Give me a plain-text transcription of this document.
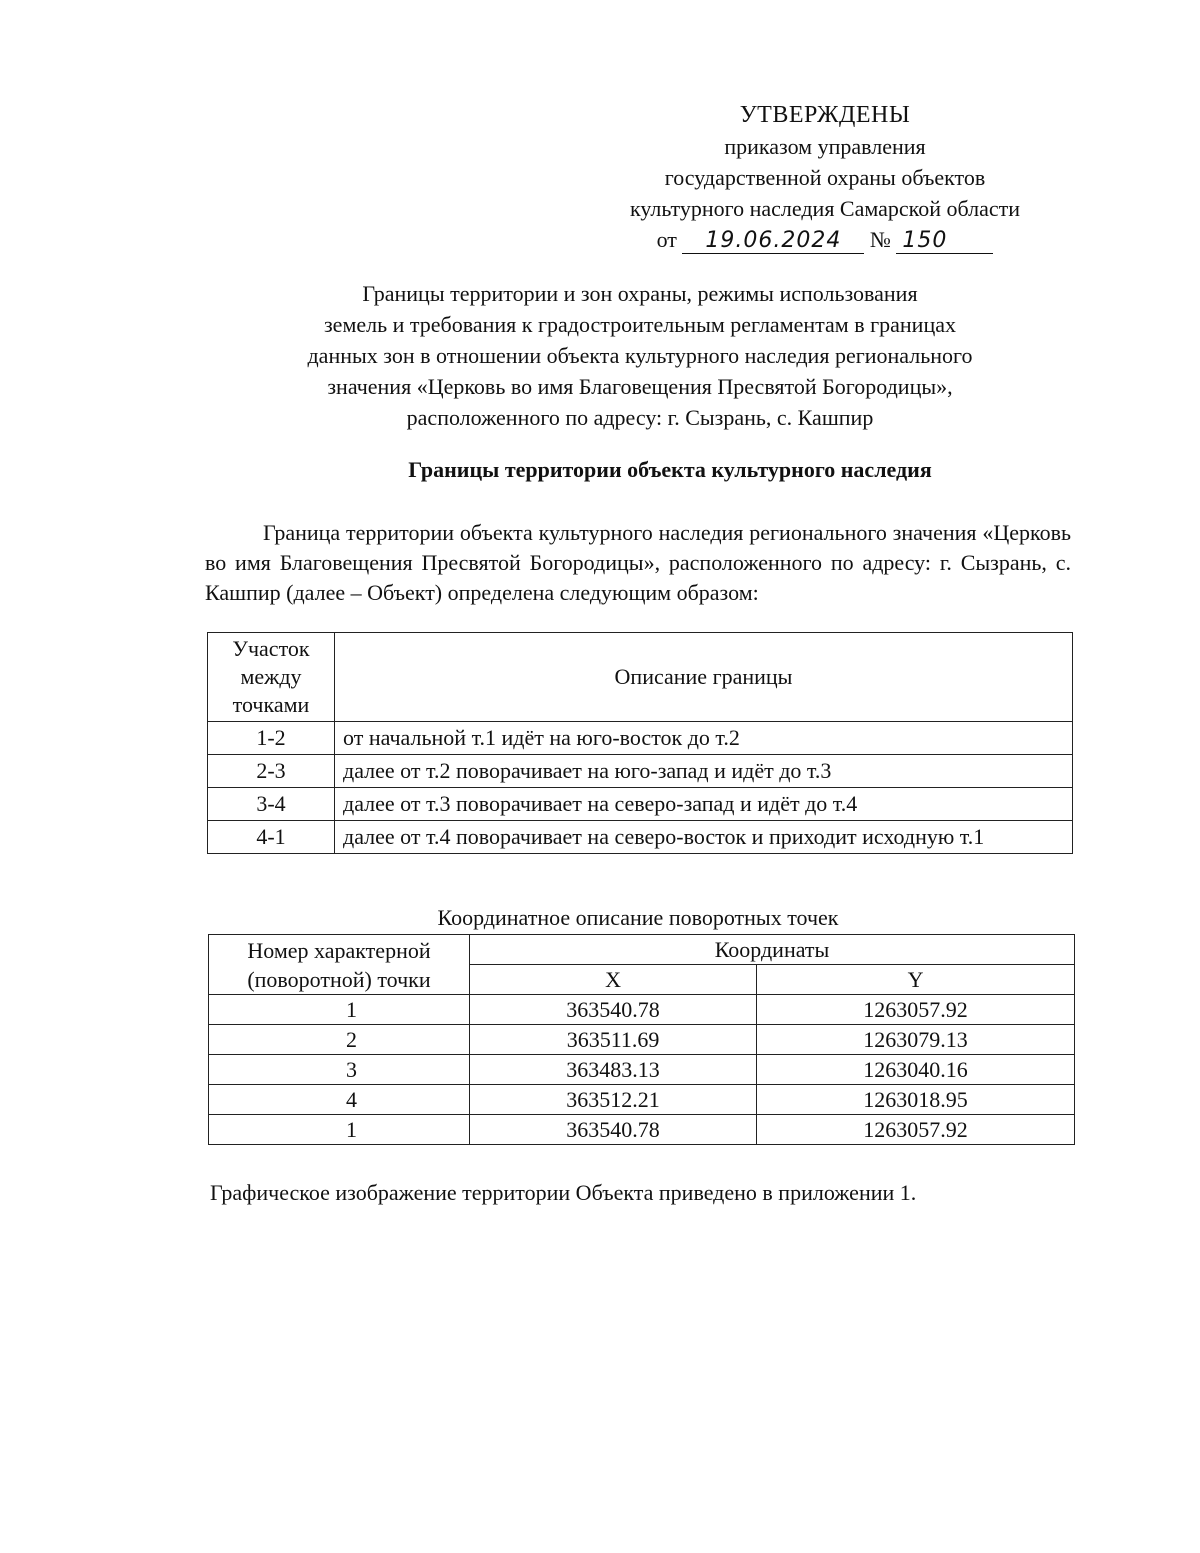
УТВЕРЖДЕНЫ
приказом управления
государственной охраны объектов
культурного наследия Самарской области
от 19.06.2024 № 150
Границы территории и зон охраны, режимы использования
земель и требования к градостроительным регламентам в границах
данных зон в отношении объекта культурного наследия регионального
значения «Церковь во имя Благовещения Пресвятой Богородицы»,
расположенного по адресу: г. Сызрань, с. Кашпир
Границы территории объекта культурного наследия
Граница территории объекта культурного наследия регионального значения «Церковь во имя Благовещения Пресвятой Богородицы», расположенного по адресу: г. Сызрань, с. Кашпир (далее – Объект) определена следующим образом:
Участок
между
точками	Описание границы
1-2	от начальной т.1 идёт на юго-восток до т.2
2-3	далее от т.2 поворачивает на юго-запад и идёт до т.3
3-4	далее от т.3 поворачивает на северо-запад и идёт до т.4
4-1	далее от т.4 поворачивает на северо-восток и приходит исходную т.1
Координатное описание поворотных точек
Номер характерной
(поворотной) точки	Координаты	
	X	Y
1	363540.78	1263057.92
2	363511.69	1263079.13
3	363483.13	1263040.16
4	363512.21	1263018.95
1	363540.78	1263057.92
Графическое изображение территории Объекта приведено в приложении 1.
